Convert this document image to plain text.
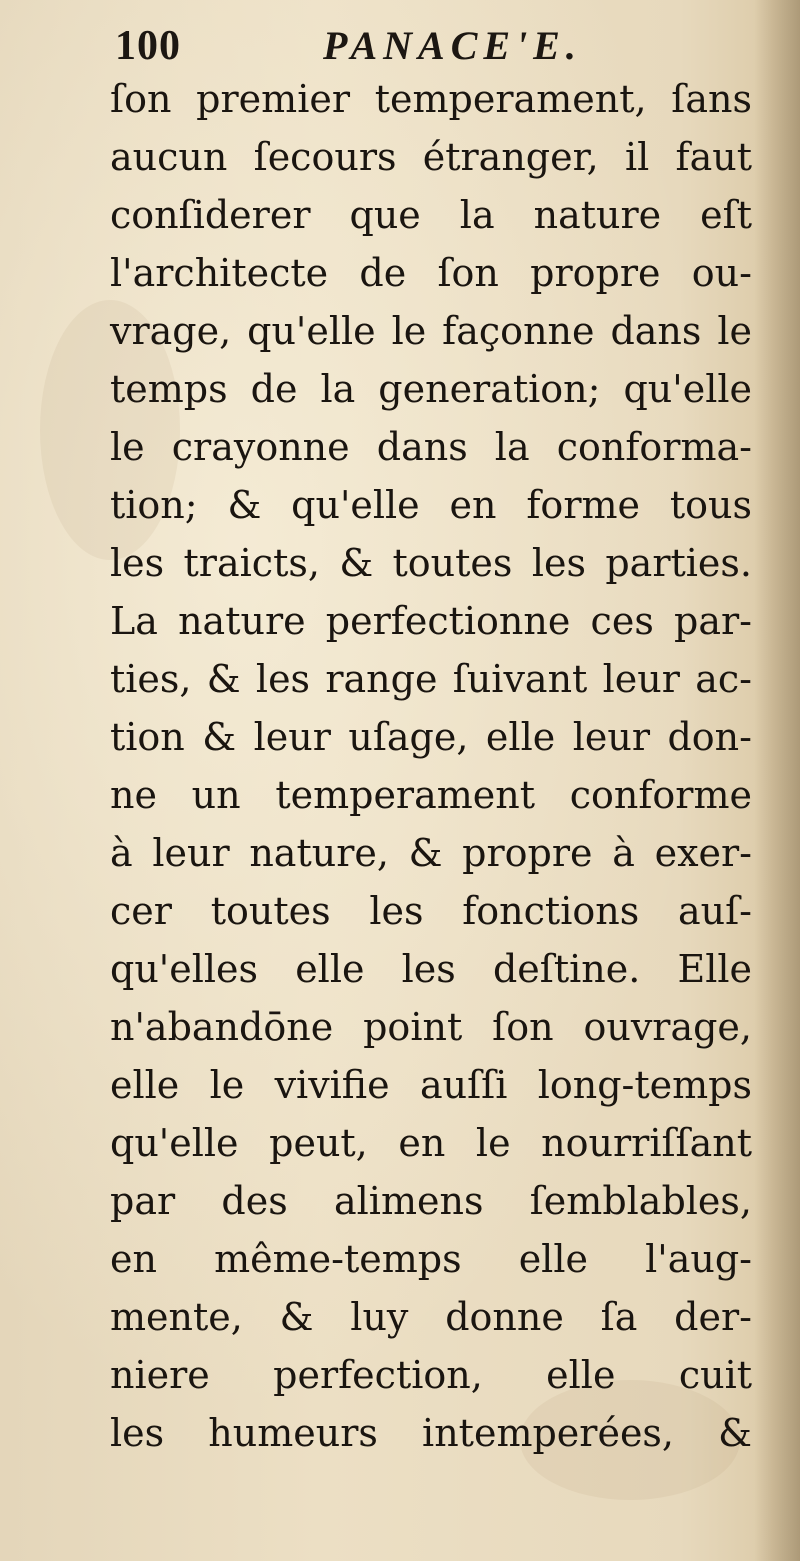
100	PANACE'E.
ſon premier temperament, ſans
aucun ſecours étranger, il faut
conſiderer que la nature eſt
l'architecte de ſon propre ou-
vrage, qu'elle le façonne dans le
temps de la generation; qu'elle
le crayonne dans la conforma-
tion; & qu'elle en forme tous
les traicts, & toutes les parties.
La nature perfectionne ces par-
ties, & les range ſuivant leur ac-
tion & leur uſage, elle leur don-
ne un temperament conforme
à leur nature, & propre à exer-
cer toutes les fonctions auſ-
qu'elles elle les deſtine. Elle
n'abandōne point ſon ouvrage,
elle le vivifie auſſi long-temps
qu'elle peut, en le nourriſſant
par des alimens ſemblables,
en même-temps elle l'aug-
mente, & luy donne ſa der-
niere perfection, elle cuit
les humeurs intemperées, &
